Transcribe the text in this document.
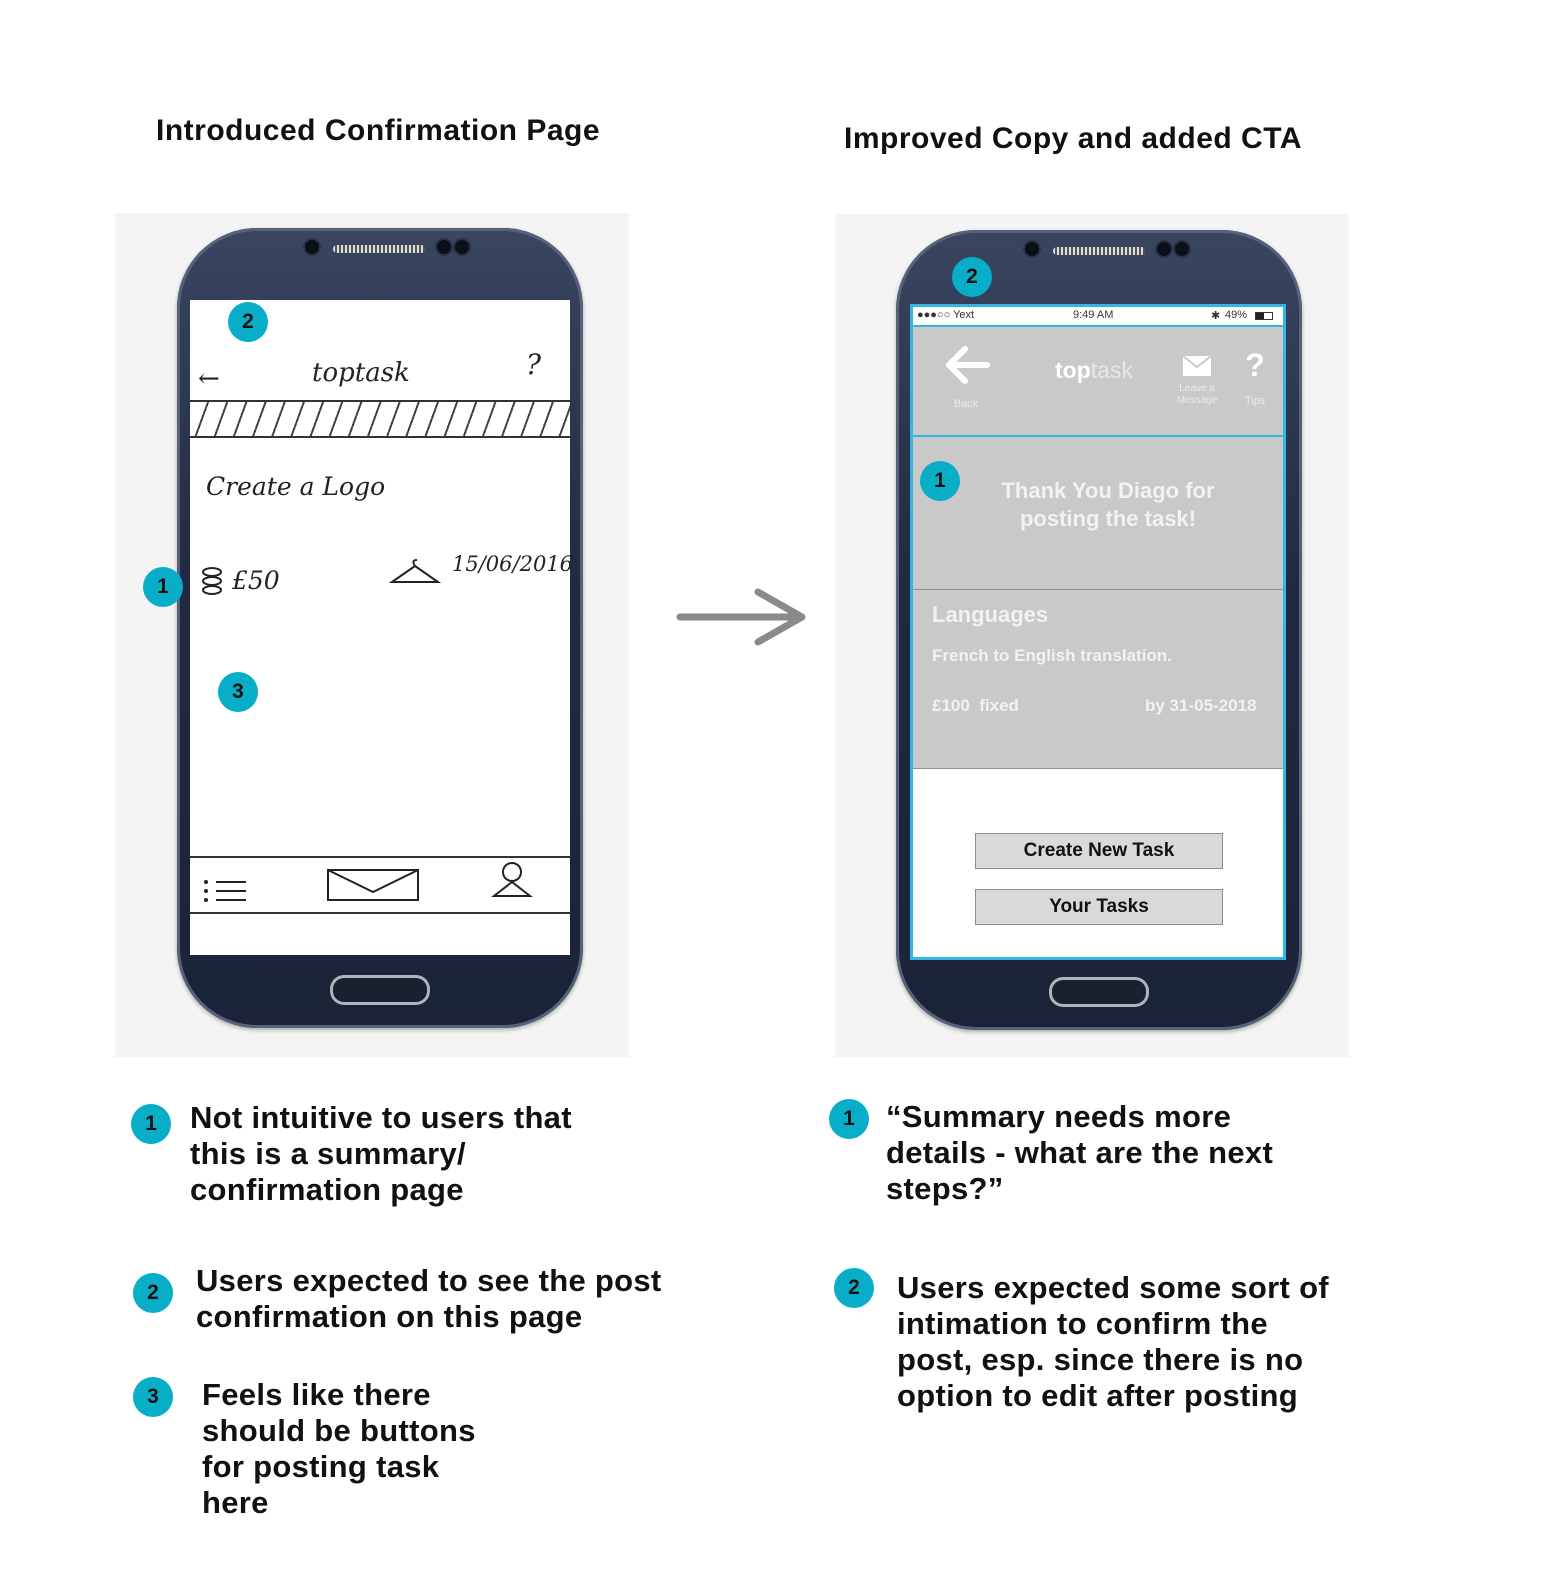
Introduced Confirmation Page	Improved Copy and added CTA
←	toptask	?
Create a Logo
£50
15/06/2016
2
1
3
●●●○○ Yext	9:49 AM	✱ 49%
Back
toptask
Leave a
Message
?
Tips
Thank You Diago for
posting the task!
Languages
French to English translation.
£100  fixed	by 31-05-2018
Create New Task
Your Tasks
2
1
1	Not intuitive to users that
this is a summary/
confirmation page
2	Users expected to see the post
confirmation on this page
3	Feels like there
should be buttons
for posting task
here
1	“Summary needs more
details - what are the next
steps?”
2	Users expected some sort of
intimation to confirm the
post, esp. since there is no
option to edit after posting
